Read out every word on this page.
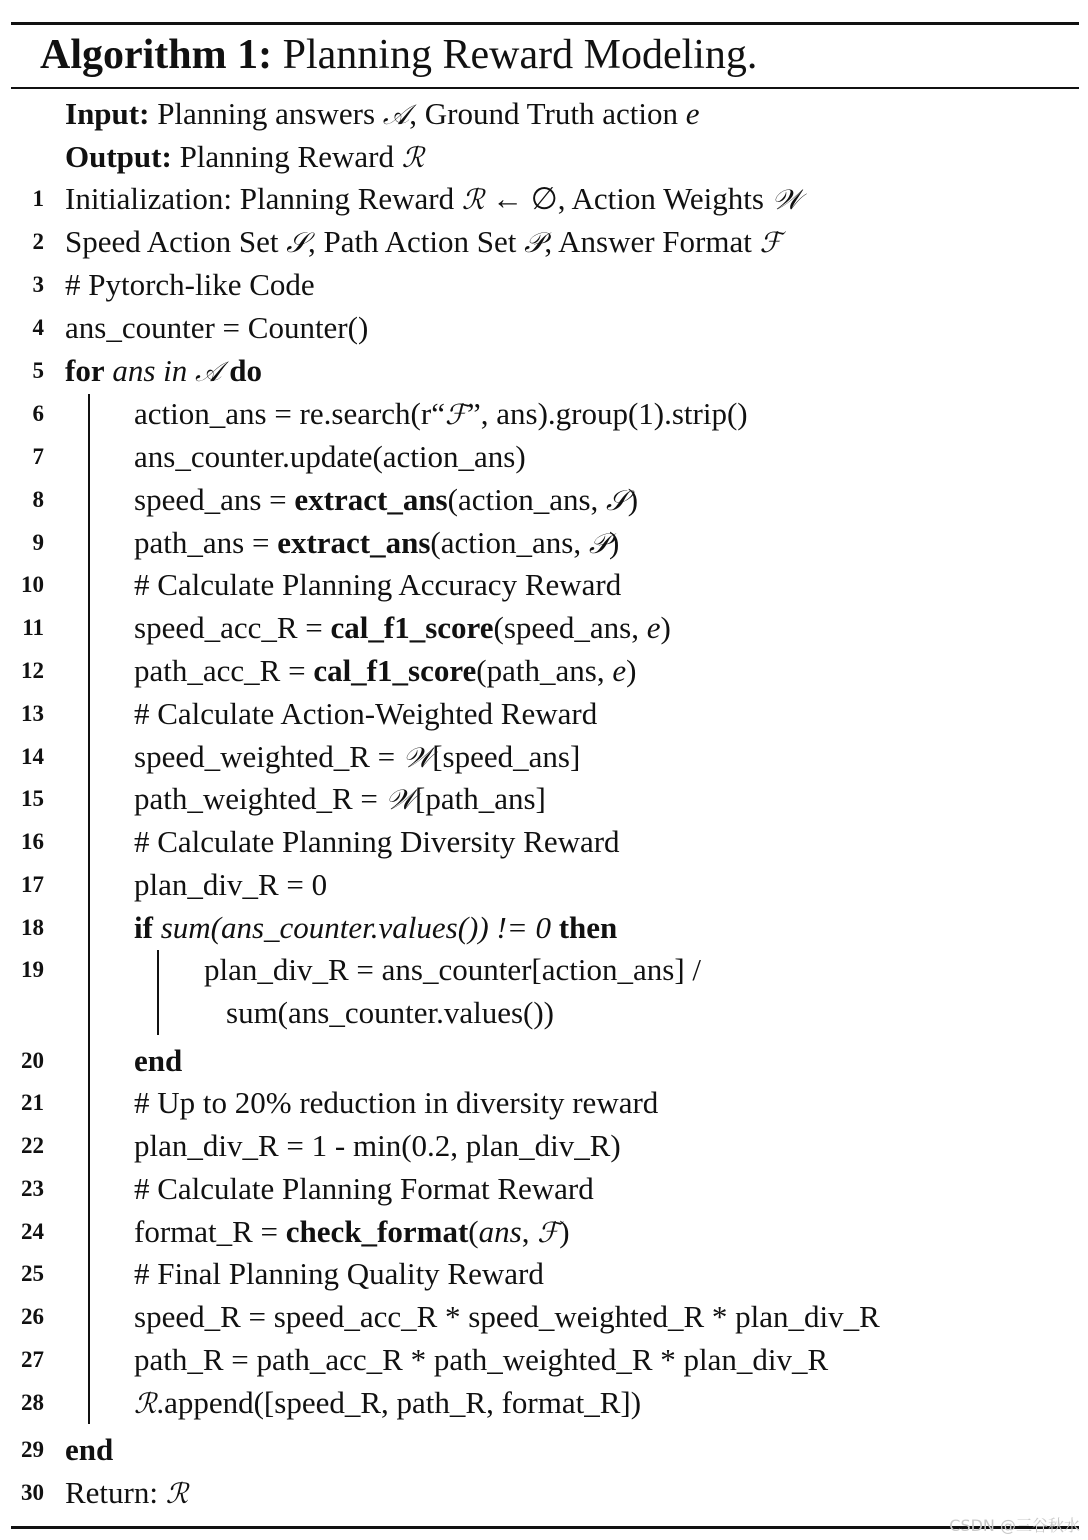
Algorithm 1: Planning Reward Modeling.
Input: Planning answers 𝒜, Ground Truth action e
Output: Planning Reward ℛ
1 Initialization: Planning Reward ℛ ← ∅, Action Weights 𝒲
2 Speed Action Set 𝒮, Path Action Set 𝒫, Answer Format ℱ
3 # Pytorch-like Code
4 ans_counter = Counter()
5 for ans in 𝒜 do
6	action_ans = re.search(r“ℱ”, ans).group(1).strip()
7	ans_counter.update(action_ans)
8	speed_ans = extract_ans(action_ans, 𝒮)
9	path_ans = extract_ans(action_ans, 𝒫)
10	# Calculate Planning Accuracy Reward
11	speed_acc_R = cal_f1_score(speed_ans, e)
12	path_acc_R = cal_f1_score(path_ans, e)
13	# Calculate Action-Weighted Reward
14	speed_weighted_R = 𝒲[speed_ans]
15	path_weighted_R = 𝒲[path_ans]
16	# Calculate Planning Diversity Reward
17	plan_div_R = 0
18	if sum(ans_counter.values()) != 0 then
19	plan_div_R = ans_counter[action_ans] /
sum(ans_counter.values())
20	end
21	# Up to 20% reduction in diversity reward
22	plan_div_R = 1 - min(0.2, plan_div_R)
23	# Calculate Planning Format Reward
24	format_R = check_format(ans, ℱ)
25	# Final Planning Quality Reward
26	speed_R = speed_acc_R * speed_weighted_R * plan_div_R
27	path_R = path_acc_R * path_weighted_R * plan_div_R
28	ℛ.append([speed_R, path_R, format_R])
29 end
30 Return: ℛ
CSDN @三谷秋水
